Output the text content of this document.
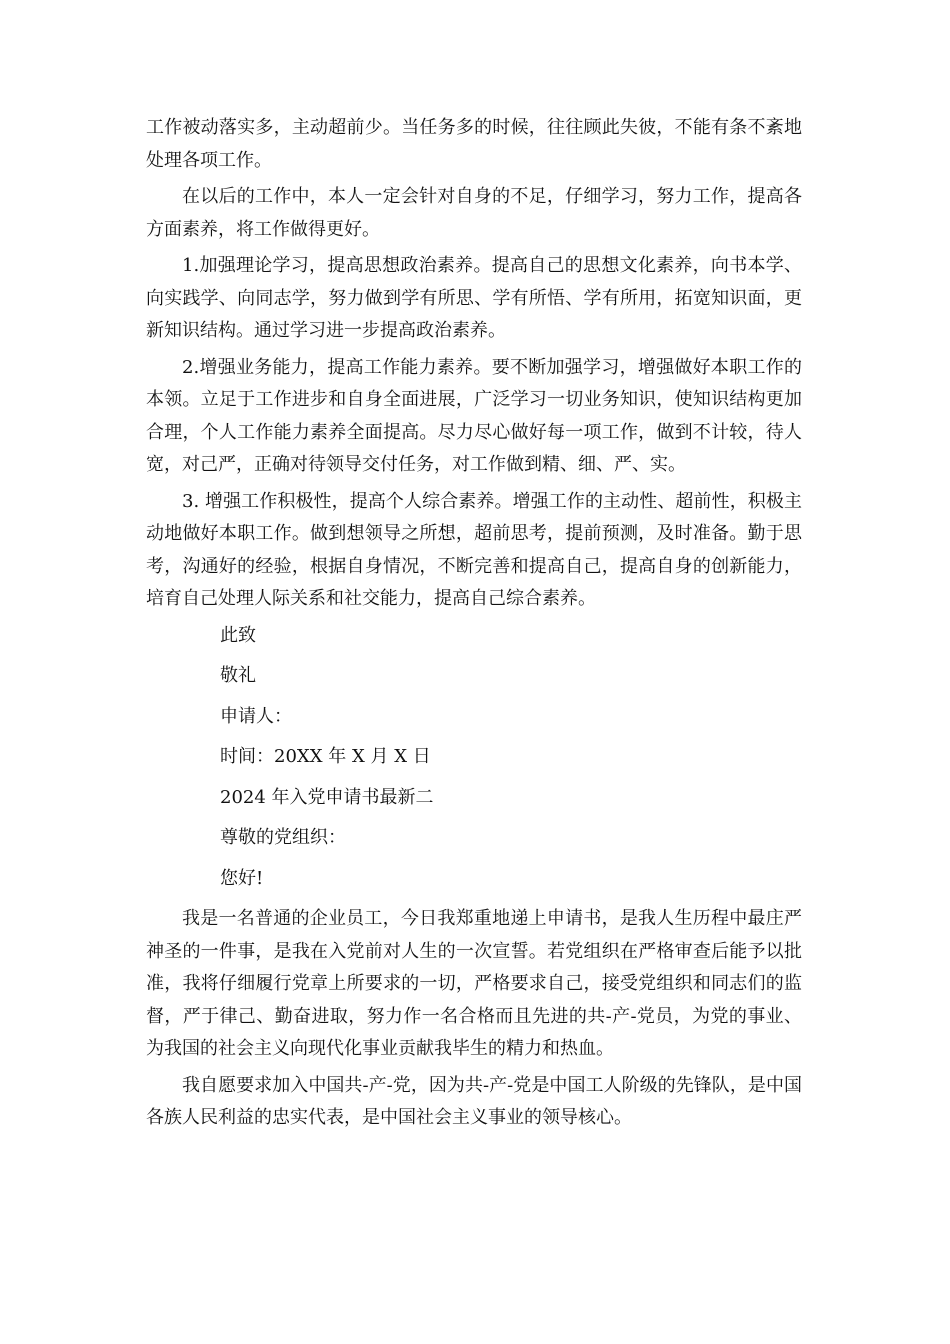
工作被动落实多，主动超前少。当任务多的时候，往往顾此失彼，不能有条不紊地处理各项工作。

在以后的工作中，本人一定会针对自身的不足，仔细学习，努力工作，提高各方面素养，将工作做得更好。

1.加强理论学习，提高思想政治素养。提高自己的思想文化素养，向书本学、向实践学、向同志学，努力做到学有所思、学有所悟、学有所用，拓宽知识面，更新知识结构。通过学习进一步提高政治素养。

2.增强业务能力，提高工作能力素养。要不断加强学习，增强做好本职工作的本领。立足于工作进步和自身全面进展，广泛学习一切业务知识，使知识结构更加合理，个人工作能力素养全面提高。尽力尽心做好每一项工作，做到不计较，待人宽，对己严，正确对待领导交付任务，对工作做到精、细、严、实。

3. 增强工作积极性，提高个人综合素养。增强工作的主动性、超前性，积极主动地做好本职工作。做到想领导之所想，超前思考，提前预测，及时准备。勤于思考，沟通好的经验，根据自身情况，不断完善和提高自己，提高自身的创新能力，培育自己处理人际关系和社交能力，提高自己综合素养。

此致

敬礼

申请人：

时间：20XX 年 X 月 X 日

2024 年入党申请书最新二

尊敬的党组织：

您好!

我是一名普通的企业员工，今日我郑重地递上申请书，是我人生历程中最庄严神圣的一件事，是我在入党前对人生的一次宣誓。若党组织在严格审查后能予以批准，我将仔细履行党章上所要求的一切，严格要求自己，接受党组织和同志们的监督，严于律己、勤奋进取，努力作一名合格而且先进的共-产-党员，为党的事业、为我国的社会主义向现代化事业贡献我毕生的精力和热血。

我自愿要求加入中国共-产-党，因为共-产-党是中国工人阶级的先锋队，是中国各族人民利益的忠实代表，是中国社会主义事业的领导核心。
